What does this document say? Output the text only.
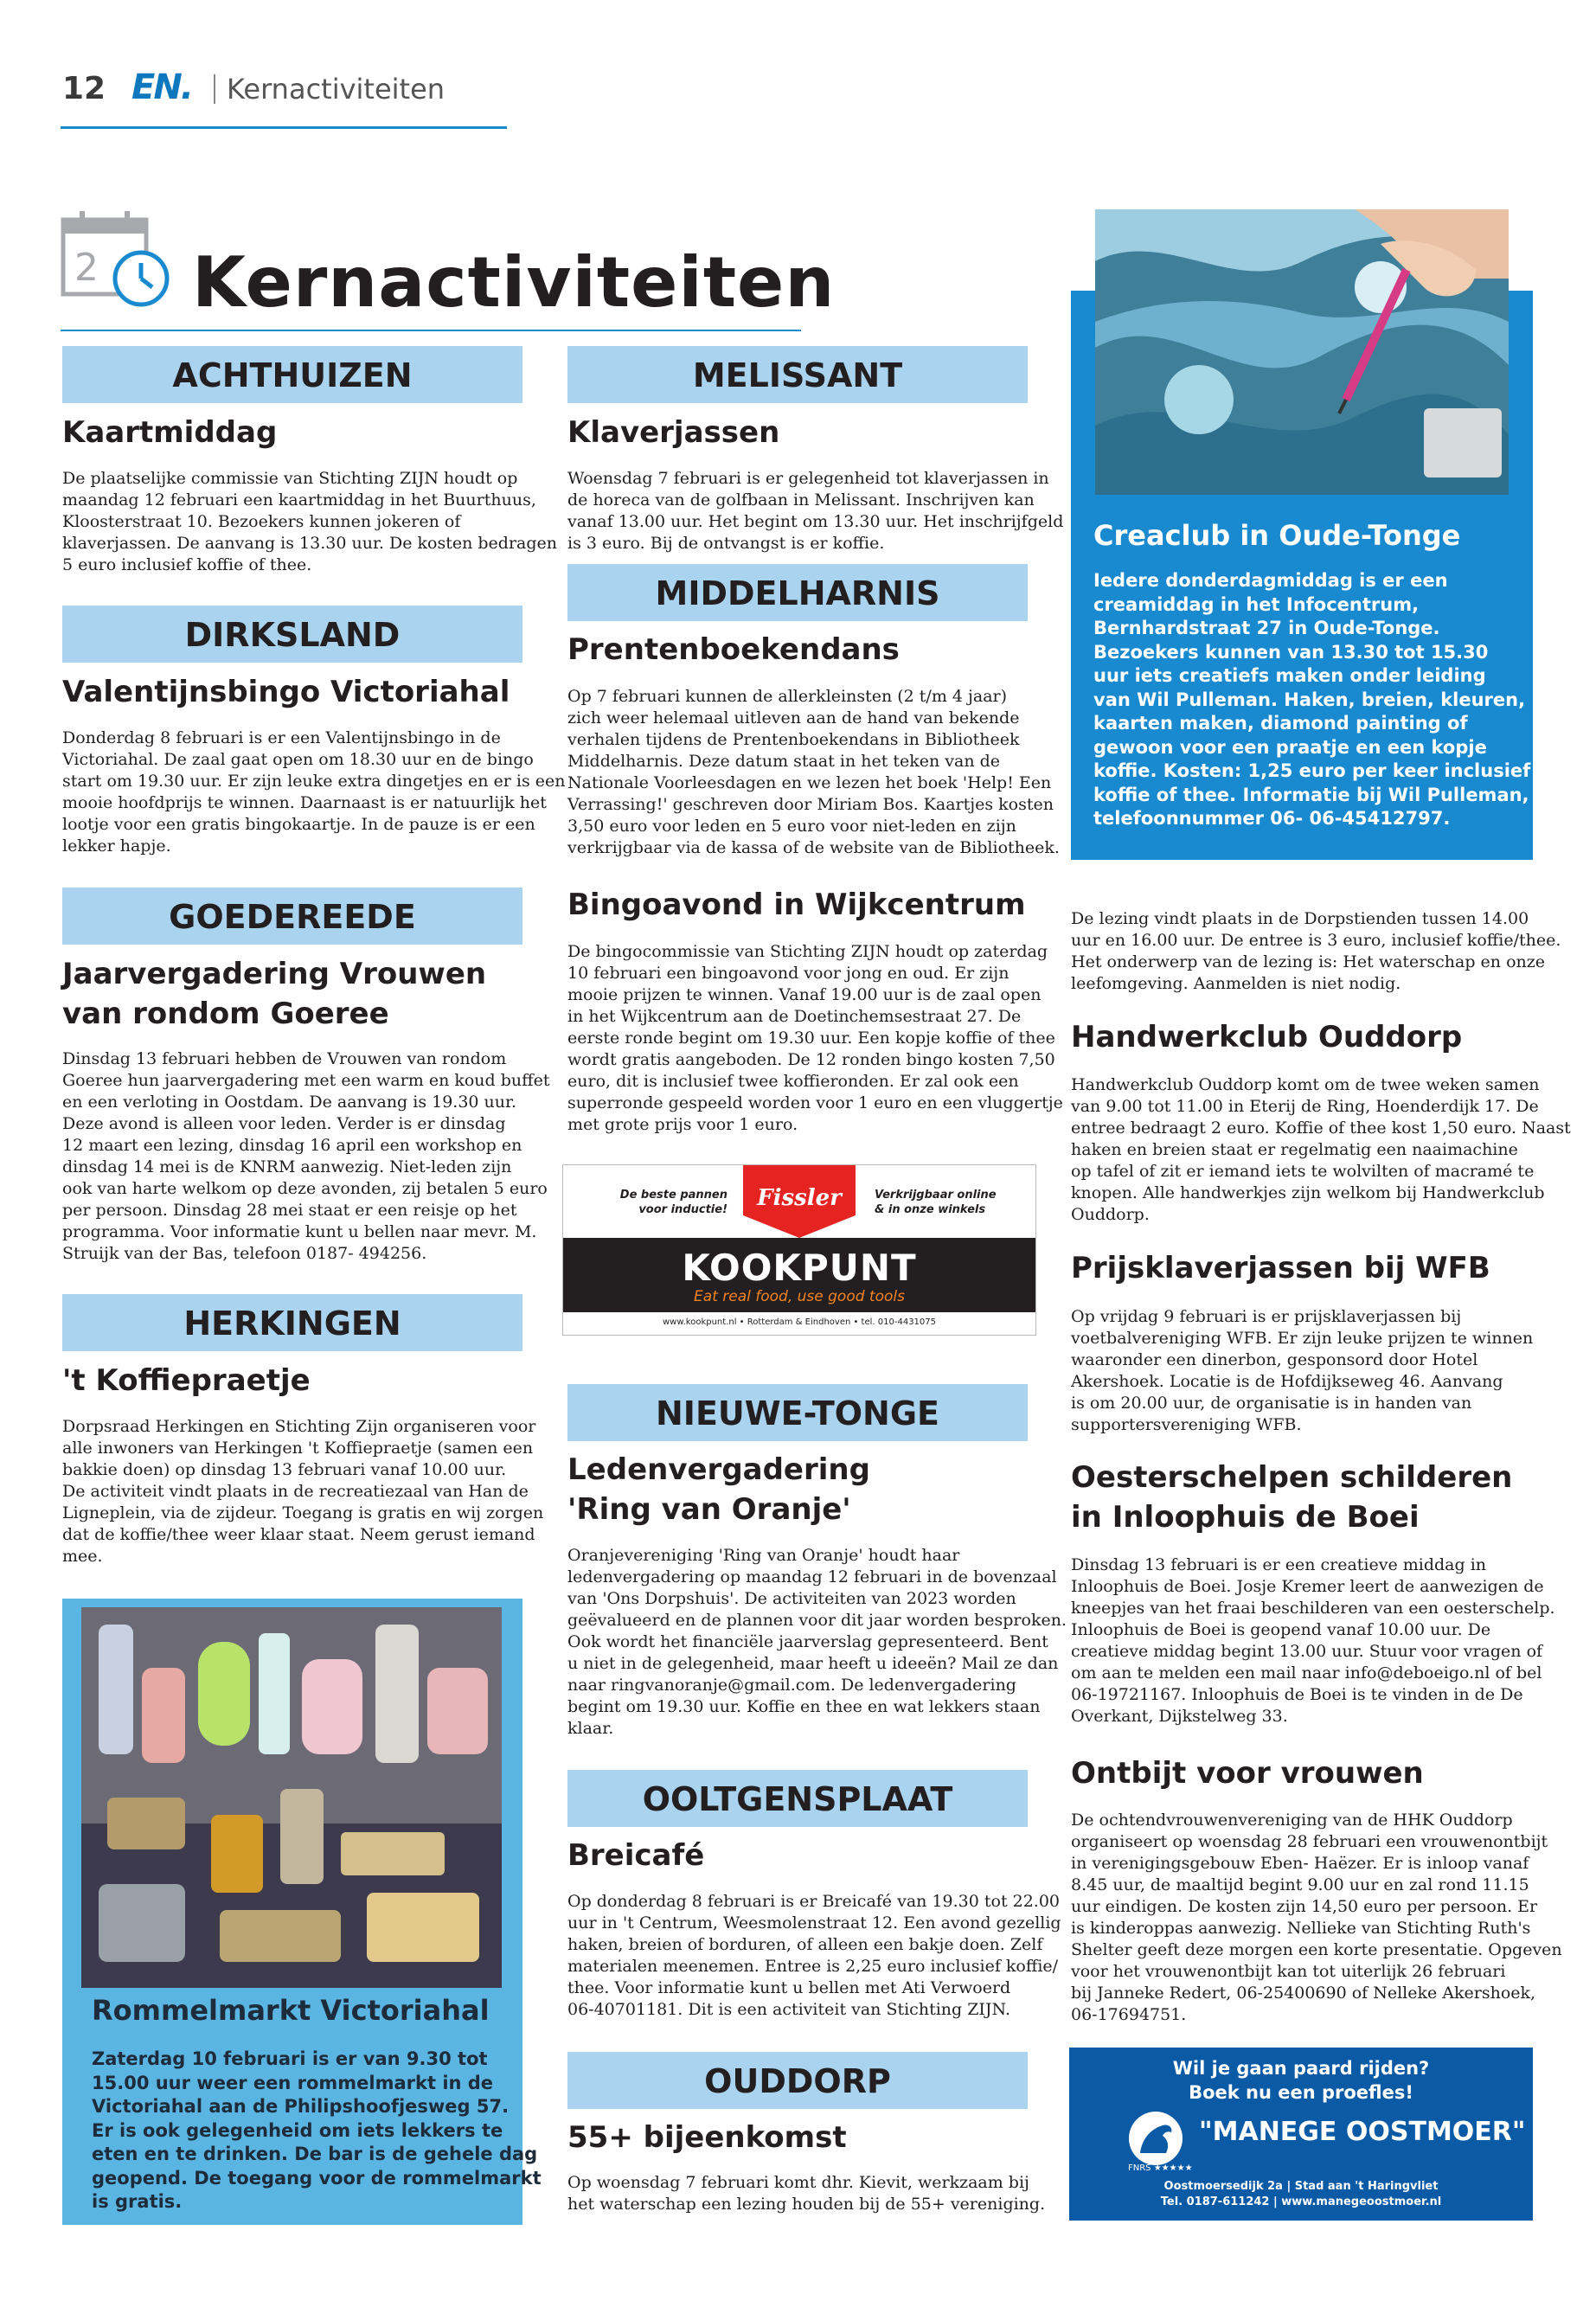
12 EN. Kernactiviteiten
2 Kernactiviteiten
ACHTHUIZEN
Kaartmiddag
De plaatselijke commissie van Stichting ZIJN houdt op
maandag 12 februari een kaartmiddag in het Buurthuus,
Kloosterstraat 10. Bezoekers kunnen jokeren of
klaverjassen. De aanvang is 13.30 uur. De kosten bedragen
5 euro inclusief koffie of thee.
DIRKSLAND
Valentijnsbingo Victoriahal
Donderdag 8 februari is er een Valentijnsbingo in de
Victoriahal. De zaal gaat open om 18.30 uur en de bingo
start om 19.30 uur. Er zijn leuke extra dingetjes en er is een
mooie hoofdprijs te winnen. Daarnaast is er natuurlijk het
lootje voor een gratis bingokaartje. In de pauze is er een
lekker hapje.
GOEDEREEDE
Jaarvergadering Vrouwen
van rondom Goeree
Dinsdag 13 februari hebben de Vrouwen van rondom
Goeree hun jaarvergadering met een warm en koud buffet
en een verloting in Oostdam. De aanvang is 19.30 uur.
Deze avond is alleen voor leden. Verder is er dinsdag
12 maart een lezing, dinsdag 16 april een workshop en
dinsdag 14 mei is de KNRM aanwezig. Niet-leden zijn
ook van harte welkom op deze avonden, zij betalen 5 euro
per persoon. Dinsdag 28 mei staat er een reisje op het
programma. Voor informatie kunt u bellen naar mevr. M.
Struijk van der Bas, telefoon 0187- 494256.
HERKINGEN
't Koffiepraetje
Dorpsraad Herkingen en Stichting Zijn organiseren voor
alle inwoners van Herkingen 't Koffiepraetje (samen een
bakkie doen) op dinsdag 13 februari vanaf 10.00 uur.
De activiteit vindt plaats in de recreatiezaal van Han de
Ligneplein, via de zijdeur. Toegang is gratis en wij zorgen
dat de koffie/thee weer klaar staat. Neem gerust iemand
mee.
Rommelmarkt Victoriahal
Zaterdag 10 februari is er van 9.30 tot
15.00 uur weer een rommelmarkt in de
Victoriahal aan de Philipshoofjesweg 57.
Er is ook gelegenheid om iets lekkers te
eten en te drinken. De bar is de gehele dag
geopend. De toegang voor de rommelmarkt
is gratis.
MELISSANT
Klaverjassen
Woensdag 7 februari is er gelegenheid tot klaverjassen in
de horeca van de golfbaan in Melissant. Inschrijven kan
vanaf 13.00 uur. Het begint om 13.30 uur. Het inschrijfgeld
is 3 euro. Bij de ontvangst is er koffie.
MIDDELHARNIS
Prentenboekendans
Op 7 februari kunnen de allerkleinsten (2 t/m 4 jaar)
zich weer helemaal uitleven aan de hand van bekende
verhalen tijdens de Prentenboekendans in Bibliotheek
Middelharnis. Deze datum staat in het teken van de
Nationale Voorleesdagen en we lezen het boek 'Help! Een
Verrassing!' geschreven door Miriam Bos. Kaartjes kosten
3,50 euro voor leden en 5 euro voor niet-leden en zijn
verkrijgbaar via de kassa of de website van de Bibliotheek.
Bingoavond in Wijkcentrum
De bingocommissie van Stichting ZIJN houdt op zaterdag
10 februari een bingoavond voor jong en oud. Er zijn
mooie prijzen te winnen. Vanaf 19.00 uur is de zaal open
in het Wijkcentrum aan de Doetinchemsestraat 27. De
eerste ronde begint om 19.30 uur. Een kopje koffie of thee
wordt gratis aangeboden. De 12 ronden bingo kosten 7,50
euro, dit is inclusief twee koffieronden. Er zal ook een
superronde gespeeld worden voor 1 euro en een vluggertje
met grote prijs voor 1 euro.
De beste pannen
voor inductie! Fissler	Verkrijgbaar online
& in onze winkels
KOOKPUNT
Eat real food, use good tools
www.kookpunt.nl • Rotterdam & Eindhoven • tel. 010-4431075
NIEUWE-TONGE
Ledenvergadering
'Ring van Oranje'
Oranjevereniging 'Ring van Oranje' houdt haar
ledenvergadering op maandag 12 februari in de bovenzaal
van 'Ons Dorpshuis'. De activiteiten van 2023 worden
geëvalueerd en de plannen voor dit jaar worden besproken.
Ook wordt het financiële jaarverslag gepresenteerd. Bent
u niet in de gelegenheid, maar heeft u ideeën? Mail ze dan
naar ringvanoranje@gmail.com. De ledenvergadering
begint om 19.30 uur. Koffie en thee en wat lekkers staan
klaar.
OOLTGENSPLAAT
Breicafé
Op donderdag 8 februari is er Breicafé van 19.30 tot 22.00
uur in 't Centrum, Weesmolenstraat 12. Een avond gezellig
haken, breien of borduren, of alleen een bakje doen. Zelf
materialen meenemen. Entree is 2,25 euro inclusief koffie/
thee. Voor informatie kunt u bellen met Ati Verwoerd
06-40701181. Dit is een activiteit van Stichting ZIJN.
OUDDORP
55+ bijeenkomst
Op woensdag 7 februari komt dhr. Kievit, werkzaam bij
het waterschap een lezing houden bij de 55+ vereniging.
Creaclub in Oude-Tonge
Iedere donderdagmiddag is er een
creamiddag in het Infocentrum,
Bernhardstraat 27 in Oude-Tonge.
Bezoekers kunnen van 13.30 tot 15.30
uur iets creatiefs maken onder leiding
van Wil Pulleman. Haken, breien, kleuren,
kaarten maken, diamond painting of
gewoon voor een praatje en een kopje
koffie. Kosten: 1,25 euro per keer inclusief
koffie of thee. Informatie bij Wil Pulleman,
telefoonnummer 06- 06-45412797.
De lezing vindt plaats in de Dorpstienden tussen 14.00
uur en 16.00 uur. De entree is 3 euro, inclusief koffie/thee.
Het onderwerp van de lezing is: Het waterschap en onze
leefomgeving. Aanmelden is niet nodig.
Handwerkclub Ouddorp
Handwerkclub Ouddorp komt om de twee weken samen
van 9.00 tot 11.00 in Eterij de Ring, Hoenderdijk 17. De
entree bedraagt 2 euro. Koffie of thee kost 1,50 euro. Naast
haken en breien staat er regelmatig een naaimachine
op tafel of zit er iemand iets te wolvilten of macramé te
knopen. Alle handwerkjes zijn welkom bij Handwerkclub
Ouddorp.
Prijsklaverjassen bij WFB
Op vrijdag 9 februari is er prijsklaverjassen bij
voetbalvereniging WFB. Er zijn leuke prijzen te winnen
waaronder een dinerbon, gesponsord door Hotel
Akershoek. Locatie is de Hofdijkseweg 46. Aanvang
is om 20.00 uur, de organisatie is in handen van
supportersvereniging WFB.
Oesterschelpen schilderen
in Inloophuis de Boei
Dinsdag 13 februari is er een creatieve middag in
Inloophuis de Boei. Josje Kremer leert de aanwezigen de
kneepjes van het fraai beschilderen van een oesterschelp.
Inloophuis de Boei is geopend vanaf 10.00 uur. De
creatieve middag begint 13.00 uur. Stuur voor vragen of
om aan te melden een mail naar info@deboeigo.nl of bel
06-19721167. Inloophuis de Boei is te vinden in de De
Overkant, Dijkstelweg 33.
Ontbijt voor vrouwen
De ochtendvrouwenvereniging van de HHK Ouddorp
organiseert op woensdag 28 februari een vrouwenontbijt
in verenigingsgebouw Eben- Haëzer. Er is inloop vanaf
8.45 uur, de maaltijd begint 9.00 uur en zal rond 11.15
uur eindigen. De kosten zijn 14,50 euro per persoon. Er
is kinderoppas aanwezig. Nellieke van Stichting Ruth's
Shelter geeft deze morgen een korte presentatie. Opgeven
voor het vrouwenontbijt kan tot uiterlijk 26 februari
bij Janneke Redert, 06-25400690 of Nelleke Akershoek,
06-17694751.
Wil je gaan paard rijden?
Boek nu een proefles!
"MANEGE OOSTMOER"
FNRS ★★★★★
Oostmoersedijk 2a | Stad aan 't Haringvliet
Tel. 0187-611242 | www.manegeoostmoer.nl
